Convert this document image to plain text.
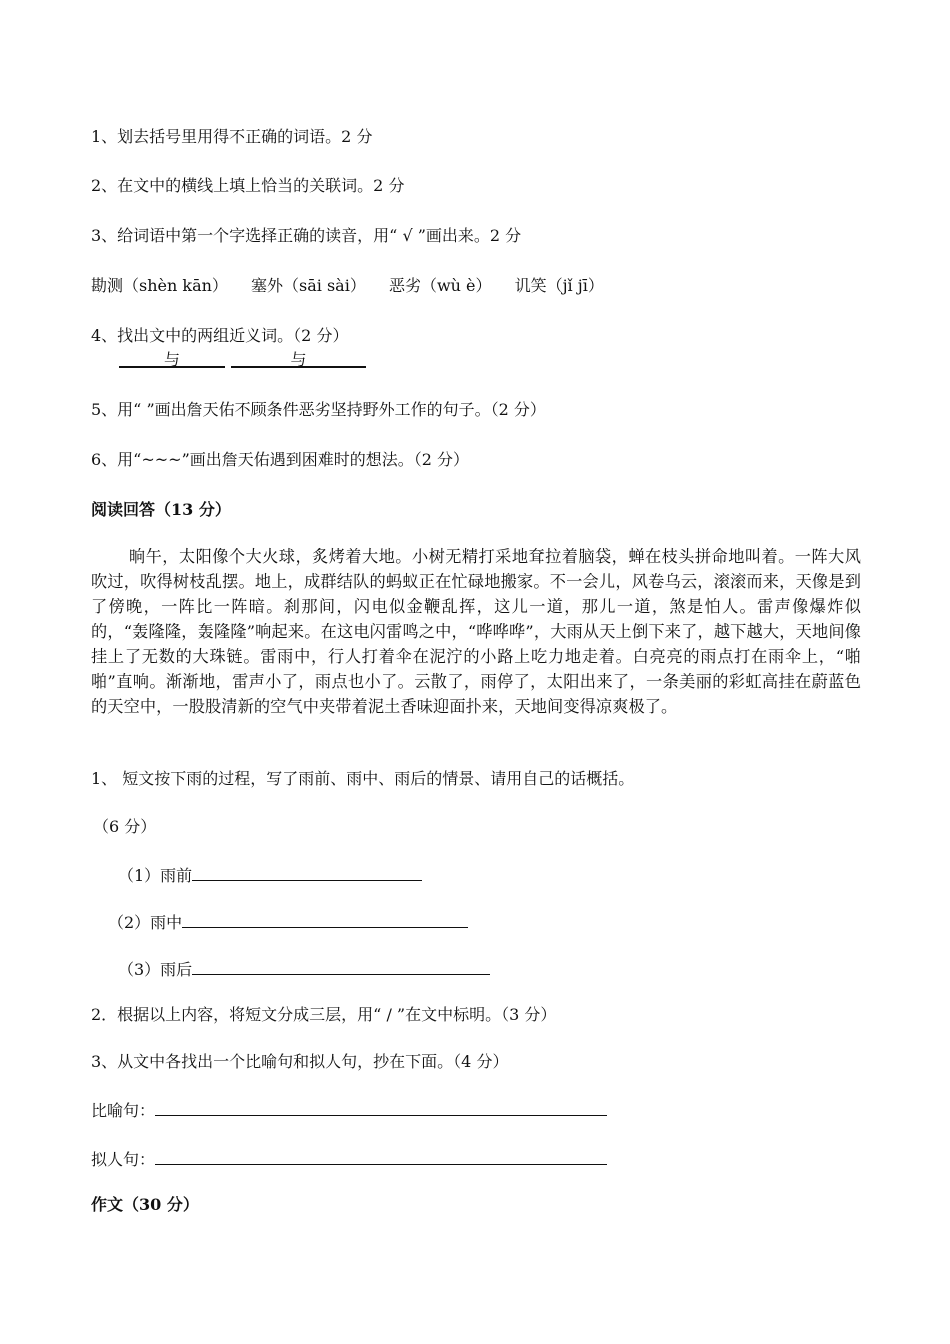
1、划去括号里用得不正确的词语。2 分
2、在文中的横线上填上恰当的关联词。2 分
3、给词语中第一个字选择正确的读音，用“ √ ”画出来。2 分
勘测（shèn kān） 塞外（sāi sài） 恶劣（wù è） 讥笑（jǐ jī）
4、找出文中的两组近义词。（2 分）
与	与
5、用“ ”画出詹天佑不顾条件恶劣坚持野外工作的句子。（2 分）
6、用“~~~”画出詹天佑遇到困难时的想法。（2 分）
阅读回答（13 分）
晌午，太阳像个大火球，炙烤着大地。小树无精打采地耷拉着脑袋，蝉在枝头拼命地叫着。一阵大风吹过，吹得树枝乱摆。地上，成群结队的蚂蚁正在忙碌地搬家。不一会儿，风卷乌云，滚滚而来，天像是到了傍晚，一阵比一阵暗。刹那间，闪电似金鞭乱挥，这儿一道，那儿一道，煞是怕人。雷声像爆炸似的，“轰隆隆，轰隆隆”响起来。在这电闪雷鸣之中，“哗哗哗”，大雨从天上倒下来了，越下越大，天地间像挂上了无数的大珠链。雷雨中，行人打着伞在泥泞的小路上吃力地走着。白亮亮的雨点打在雨伞上，“啪啪”直响。渐渐地，雷声小了，雨点也小了。云散了，雨停了，太阳出来了，一条美丽的彩虹高挂在蔚蓝色的天空中，一股股清新的空气中夹带着泥土香味迎面扑来，天地间变得凉爽极了。
1、 短文按下雨的过程，写了雨前、雨中、雨后的情景、请用自己的话概括。
（6 分）
（1）雨前
（2）雨中
（3）雨后
2．根据以上内容，将短文分成三层，用“ / ”在文中标明。（3 分）
3、从文中各找出一个比喻句和拟人句，抄在下面。（4 分）
比喻句：
拟人句：
作文（30 分）
